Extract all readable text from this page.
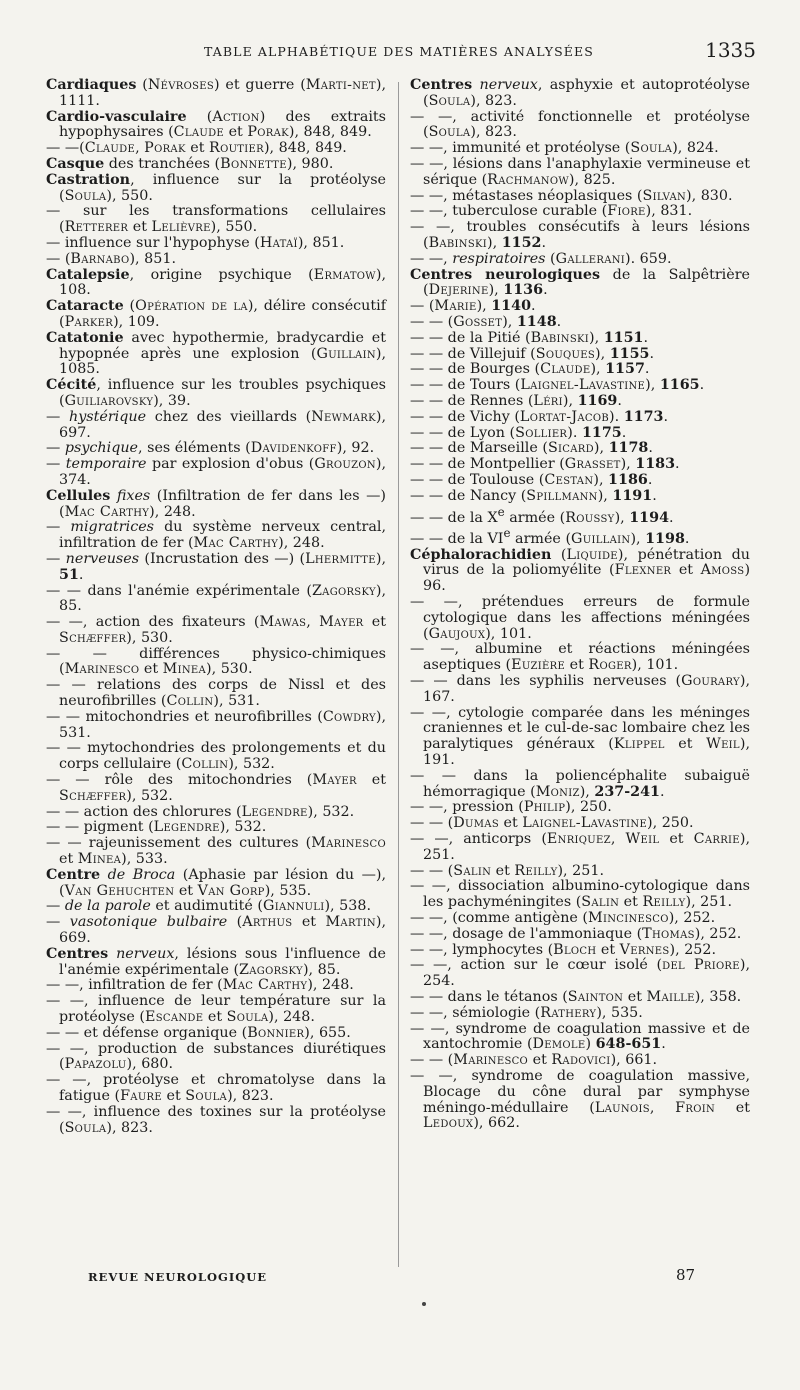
TABLE ALPHABÉTIQUE DES MATIÈRES ANALYSÉES	1335

Cardiaques (Névroses) et guerre (Marti-net), 1111.

Cardio-vasculaire (Action) des extraits hypophysaires (Claude et Porak), 848, 849.

— —(Claude, Porak et Routier), 848, 849.

Casque des tranchées (Bonnette), 980.

Castration, influence sur la protéolyse (Soula), 550.

— sur les transformations cellulaires (Retterer et Lelièvre), 550.

— influence sur l'hypophyse (Hataï), 851.

— (Barnabo), 851.

Catalepsie, origine psychique (Ermatow), 108.

Cataracte (Opération de la), délire consécutif (Parker), 109.

Catatonie avec hypothermie, bradycardie et hypopnée après une explosion (Guillain), 1085.

Cécité, influence sur les troubles psychiques (Guiliarovsky), 39.

— hystérique chez des vieillards (Newmark), 697.

— psychique, ses éléments (Davidenkoff), 92.

— temporaire par explosion d'obus (Grouzon), 374.

Cellules fixes (Infiltration de fer dans les —) (Mac Carthy), 248.

— migratrices du système nerveux central, infiltration de fer (Mac Carthy), 248.

— nerveuses (Incrustation des —) (Lhermitte), 51.

— — dans l'anémie expérimentale (Zagorsky), 85.

— —, action des fixateurs (Mawas, Mayer et Schæffer), 530.

— — différences physico-chimiques (Marinesco et Minea), 530.

— — relations des corps de Nissl et des neurofibrilles (Collin), 531.

— — mitochondries et neurofibrilles (Cowdry), 531.

— — mytochondries des prolongements et du corps cellulaire (Collin), 532.

— — rôle des mitochondries (Mayer et Schæffer), 532.

— — action des chlorures (Legendre), 532.

— — pigment (Legendre), 532.

— — rajeunissement des cultures (Marinesco et Minea), 533.

Centre de Broca (Aphasie par lésion du —), (Van Gehuchten et Van Gorp), 535.

— de la parole et audimutité (Giannuli), 538.

— vasotonique bulbaire (Arthus et Martin), 669.

Centres nerveux, lésions sous l'influence de l'anémie expérimentale (Zagorsky), 85.

— —, infiltration de fer (Mac Carthy), 248.

— —, influence de leur température sur la protéolyse (Escande et Soula), 248.

— — et défense organique (Bonnier), 655.

— —, production de substances diurétiques (Papazolu), 680.

— —, protéolyse et chromatolyse dans la fatigue (Faure et Soula), 823.

— —, influence des toxines sur la protéolyse (Soula), 823.

Centres nerveux, asphyxie et autoprotéolyse (Soula), 823.

— —, activité fonctionnelle et protéolyse (Soula), 823.

— —, immunité et protéolyse (Soula), 824.

— —, lésions dans l'anaphylaxie vermineuse et sérique (Rachmanow), 825.

— —, métastases néoplasiques (Silvan), 830.

— —, tuberculose curable (Fiore), 831.

— —, troubles consécutifs à leurs lésions (Babinski), 1152.

— —, respiratoires (Gallerani). 659.

Centres neurologiques de la Salpêtrière (Dejerine), 1136.

— (Marie), 1140.

— — (Gosset), 1148.

— — de la Pitié (Babinski), 1151.

— — de Villejuif (Souques), 1155.

— — de Bourges (Claude), 1157.

— — de Tours (Laignel-Lavastine), 1165.

— — de Rennes (Léri), 1169.

— — de Vichy (Lortat-Jacob). 1173.

— — de Lyon (Sollier). 1175.

— — de Marseille (Sicard), 1178.

— — de Montpellier (Grasset), 1183.

— — de Toulouse (Cestan), 1186.

— — de Nancy (Spillmann), 1191.

— — de la Xe armée (Roussy), 1194.

— — de la VIe armée (Guillain), 1198.

Céphalorachidien (Liquide), pénétration du virus de la poliomyélite (Flexner et Amoss) 96.

— —, prétendues erreurs de formule cytologique dans les affections méningées (Gaujoux), 101.

— —, albumine et réactions méningées aseptiques (Euzière et Roger), 101.

— — dans les syphilis nerveuses (Gourary), 167.

— —, cytologie comparée dans les méninges craniennes et le cul-de-sac lombaire chez les paralytiques généraux (Klippel et Weil), 191.

— — dans la poliencéphalite subaiguë hémorragique (Moniz), 237-241.

— —, pression (Philip), 250.

— — (Dumas et Laignel-Lavastine), 250.

— —, anticorps (Enriquez, Weil et Carrie), 251.

— — (Salin et Reilly), 251.

— —, dissociation albumino-cytologique dans les pachyméningites (Salin et Reilly), 251.

— —, (comme antigène (Mincinesco), 252.

— —, dosage de l'ammoniaque (Thomas), 252.

— —, lymphocytes (Bloch et Vernes), 252.

— —, action sur le cœur isolé (del Priore), 254.

— — dans le tétanos (Sainton et Maille), 358.

— —, sémiologie (Rathery), 535.

— —, syndrome de coagulation massive et de xantochromie (Demole) 648-651.

— — (Marinesco et Radovici), 661.

— —, syndrome de coagulation massive, Blocage du cône dural par symphyse méningo-médullaire (Launois, Froin et Ledoux), 662.

REVUE NEUROLOGIQUE	87
